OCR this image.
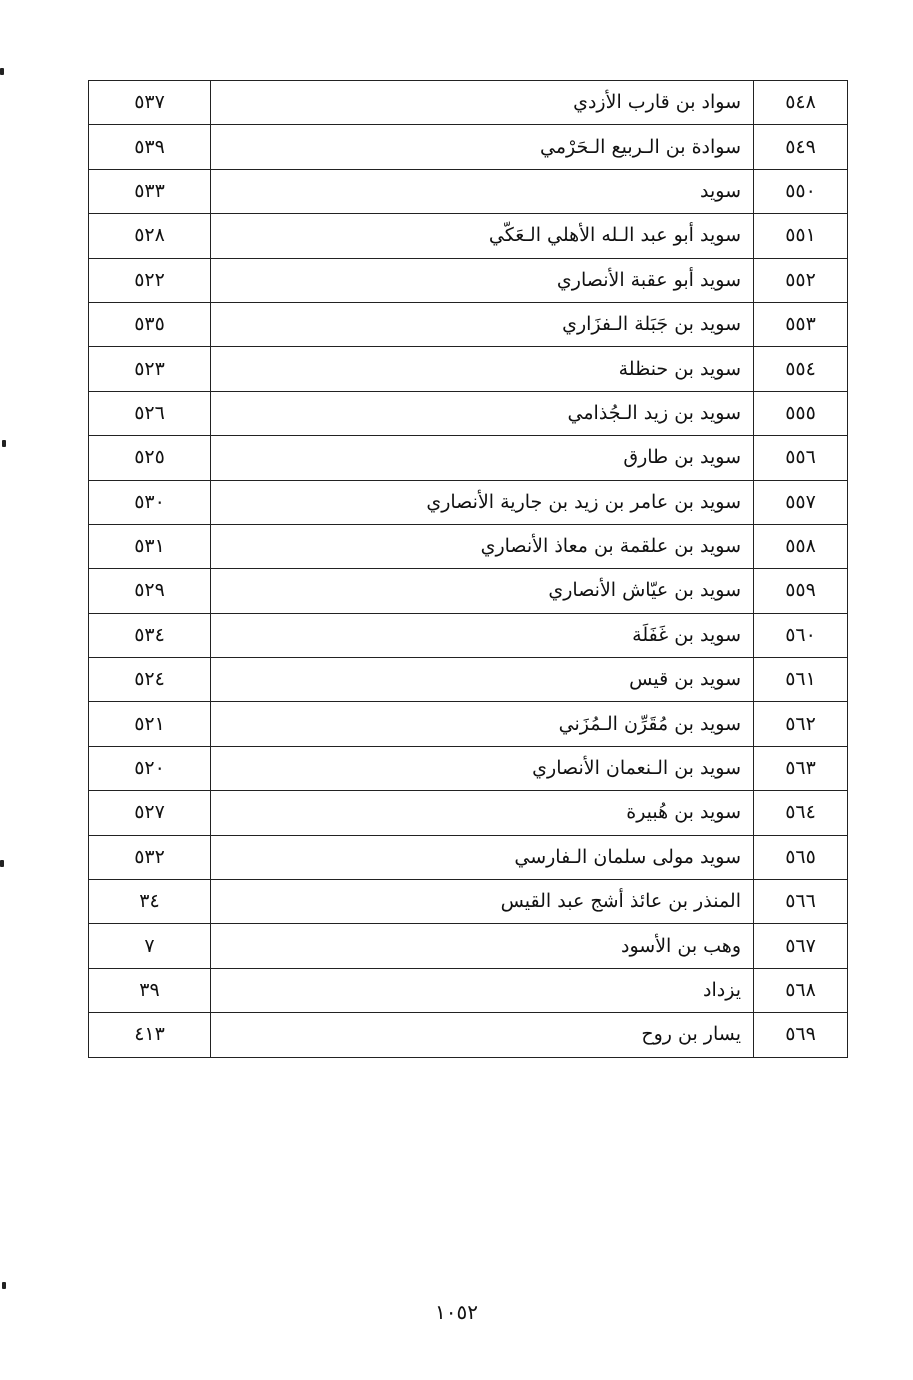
٥٤٨	سواد بن قارب الأزدي	٥٣٧
٥٤٩	سوادة بن الـربيع الـحَرْمي	٥٣٩
٥٥٠	سويد	٥٣٣
٥٥١	سويد أبو عبد الـله الأهلي الـعَكّي	٥٢٨
٥٥٢	سويد أبو عقبة الأنصاري	٥٢٢
٥٥٣	سويد بن جَبَلة الـفزَاري	٥٣٥
٥٥٤	سويد بن حنظلة	٥٢٣
٥٥٥	سويد بن زيد الـجُذامي	٥٢٦
٥٥٦	سويد بن طارق	٥٢٥
٥٥٧	سويد بن عامر بن زيد بن جارية الأنصاري	٥٣٠
٥٥٨	سويد بن علقمة بن معاذ الأنصاري	٥٣١
٥٥٩	سويد بن عيّاش الأنصاري	٥٢٩
٥٦٠	سويد بن غَفَلَة	٥٣٤
٥٦١	سويد بن قيس	٥٢٤
٥٦٢	سويد بن مُقَرِّن الـمُزَني	٥٢١
٥٦٣	سويد بن الـنعمان الأنصاري	٥٢٠
٥٦٤	سويد بن هُبيرة	٥٢٧
٥٦٥	سويد مولى سلمان الـفارسي	٥٣٢
٥٦٦	المنذر بن عائذ أشج عبد القيس	٣٤
٥٦٧	وهب بن الأسود	٧
٥٦٨	يزداد	٣٩
٥٦٩	يسار بن روح	٤١٣
١٠٥٢
